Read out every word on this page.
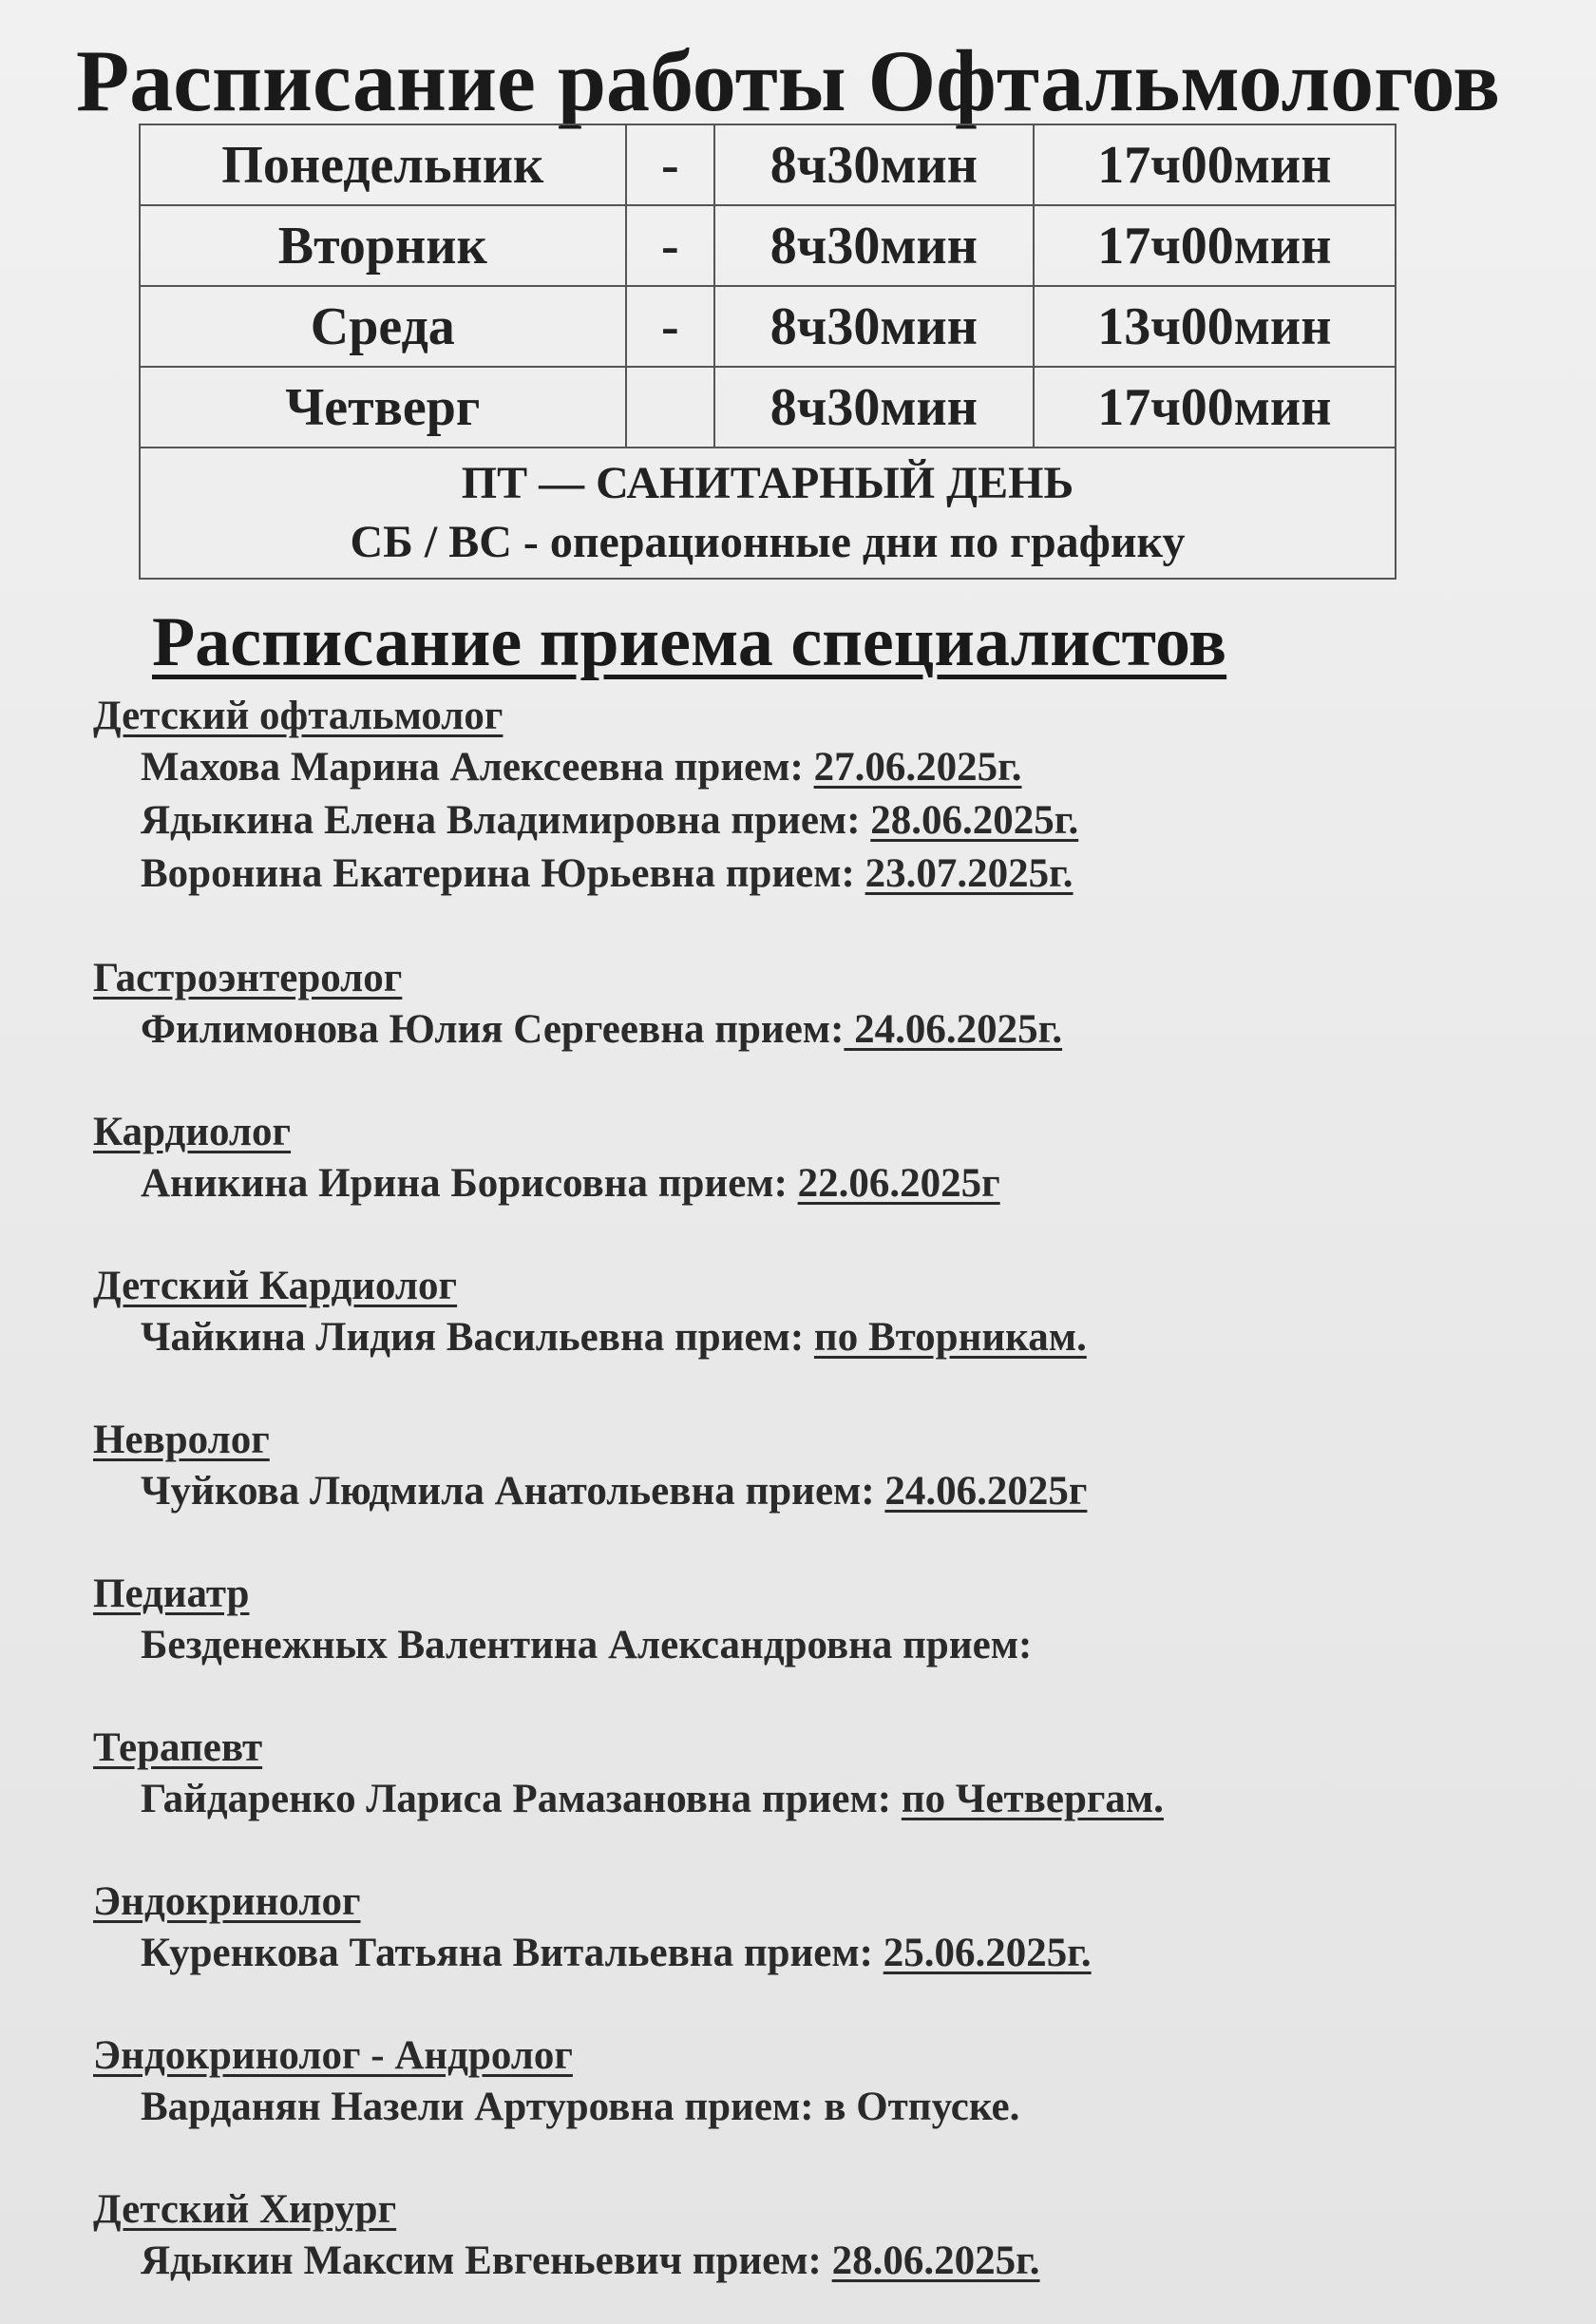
Расписание работы Офтальмологов
Понедельник	-	8ч30мин	17ч00мин
Вторник	-	8ч30мин	17ч00мин
Среда	-	8ч30мин	13ч00мин
Четверг		8ч30мин	17ч00мин

ПТ — САНИТАРНЫЙ ДЕНЬ
СБ / ВС - операционные дни по графику			
Расписание приема специалистов
Детский офтальмолог
Махова Марина Алексеевна прием: 27.06.2025г.
Ядыкина Елена Владимировна прием: 28.06.2025г.
Воронина Екатерина Юрьевна прием: 23.07.2025г.
Гастроэнтеролог
Филимонова Юлия Сергеевна прием: 24.06.2025г.
Кардиолог
Аникина Ирина Борисовна прием: 22.06.2025г
Детский Кардиолог
Чайкина Лидия Васильевна прием: по Вторникам.
Невролог
Чуйкова Людмила Анатольевна прием: 24.06.2025г
Педиатр
Безденежных Валентина Александровна прием:
Терапевт
Гайдаренко Лариса Рамазановна прием: по Четвергам.
Эндокринолог
Куренкова Татьяна Витальевна прием: 25.06.2025г.
Эндокринолог - Андролог
Варданян Назели Артуровна прием: в Отпуске.
Детский Хирург
Ядыкин Максим Евгеньевич прием: 28.06.2025г.
